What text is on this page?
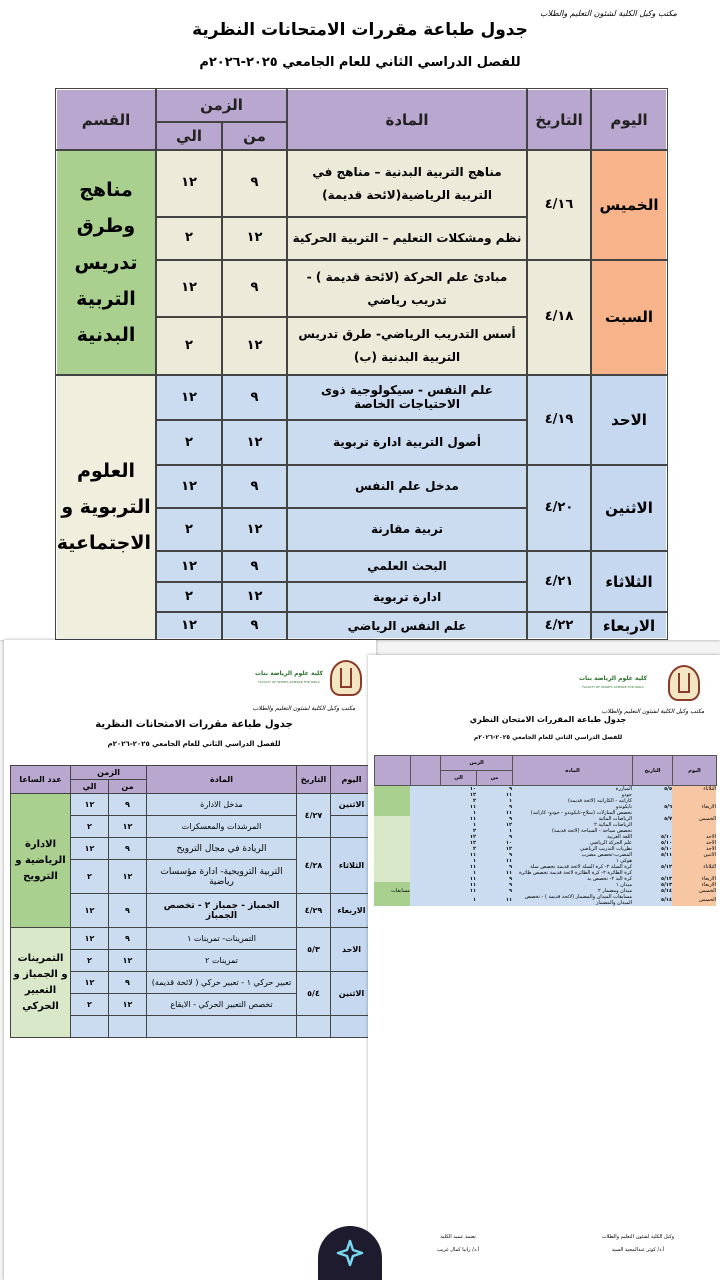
مكتب وكيل الكلية لشئون التعليم والطلاب
جدول طباعة مقررات الامتحانات النظرية
للفصل الدراسي الثاني للعام الجامعي ٢٠٢٥-٢٠٢٦م
اليوم	التاريخ	المادة	الزمن		القسم
			من	الي	
الخميس	٤/١٦	مناهج التربية البدنية – مناهج في التربية الرياضية(لائحة قديمة)	٩	١٢	مناهج وطرق تدريس التربية البدنية
		نظم ومشكلات التعليم – التربية الحركية	١٢	٢	
السبت	٤/١٨	مبادئ علم الحركة (لائحة قديمة ) - تدريب رياضي	٩	١٢	
		أسس التدريب الرياضي- طرق تدريس التربية البدنية (ب)	١٢	٢	
الاحد	٤/١٩	علم النفس - سيكولوجية ذوى الاحتياجات الخاصة	٩	١٢	العلوم التربوية و الاجتماعية
		أصول التربية ادارة تربوية	١٢	٢	
الاثنين	٤/٢٠	مدخل علم النفس	٩	١٢	
		تربية مقارنة	١٢	٢	
الثلاثاء	٤/٢١	البحث العلمي	٩	١٢	
		ادارة تربوية	١٢	٢	
الاربعاء	٤/٢٢	علم النفس الرياضي	٩	١٢	
كلية علوم الرياضة بنات
FACULTY OF SPORTS SCIENCE FOR GIRLS
مكتب وكيل الكلية لشئون التعليم والطلاب
جدول طباعة مقررات الامتحانات النظرية
للفصل الدراسي الثاني للعام الجامعي ٢٠٢٥-٢٠٢٦م
اليوم	التاريخ	المادة	الزمن		عدد الساعا
			من	الي	
الاثنين	٤/٢٧	مدخل الادارة	٩	١٢	الادارة الرياضية و الترويح
		المرشدات والمعسكرات	١٢	٢	
الثلاثاء	٤/٢٨	الريادة في مجال الترويح	٩	١٢	
		التربية الترويحية- ادارة مؤسسات رياضية	١٢	٢	
الاربعاء	٤/٢٩	الجمباز - جمباز ٢ - تخصص الجمباز	٩	١٢	
الاحد	٥/٣	التمرينات- تمرينات ١	٩	١٢	التمرينات و الجمباز و التعبير الحركي
		تمرينات ٢	١٢	٢	
الاثنين	٥/٤	تعبير حركي ١ - تعبير حركي ( لائحة قديمة)	٩	١٢	
		تخصص التعبير الحركي - الايقاع	١٢	٢	

كلية علوم الرياضة بنات
FACULTY OF SPORTS SCIENCE FOR GIRLS
مكتب وكيل الكلية لشئون التعليم والطلاب
جدول طباعة المقررات الامتحان النظري
للفصل الدراسي الثاني للعام الجامعي ٢٠٢٥-٢٠٢٦م
اليوم	التاريخ	المادة	الزمن			
			من	الي		
الثلاثاء	٥/٥	المبارزة	٩	١٠		
		جودو	١١	١٢		
		كاراتيه - الكاراتيه (لائحة قديمة)	١	٢		
الاربعاء	٥/٦	تايكوندو	٩	١١		
		تخصص المنازلات (سلاح-تايكوندو - جودو- كاراتيه)	١١	١		
الخميس	٥/٧	الرياضات المائية	٩	١١		
		الرياضات المائية ٢	١٢	١		
		تخصص سباحة - السباحة (لائحة قديمة)	١	٢		
الاحد	٥/١٠	اللغة العربية	٩	١٢		
الاحد	٥/١٠	علم الحركة الرياضي	١٠	١٢		
الاحد	٥/١٠	نظريات التدريب الرياضي	١٢	٢		
الاثنين	٥/١١	المضرب-تخصص مضرب	٩	١١		
		هوكي ١	١١	١		
الثلاثاء	٥/١٢	كرة السلة ٢- كرة السلة لائحة قديمة تخصص سلة	٩	١١		
		كرة الطائرة ٢- كرة الطائرة لائحة قديمة تخصص طائرة	١١	١		
الاربعاء	٥/١٣	كرة اليد ٢- تخصص يد	٩	١١		
الاربعاء	٥/١٣	ميدان ١	٩	١١		
الخميس	٥/١٤	ميدان ومضمار ٢	٩	١١		مسابقات
الخميس	٥/١٤	مسابقات الميدان والمضمار (لائحة قديمة ) - تخصص الميدان والمضمار	١١	١		
يعتمد عميد الكلية
أ.د/ رانيا كمال غريب
وكيل الكلية لشئون التعليم والطلاب
أ.د/ كوثر عبدالمجيد السيد
